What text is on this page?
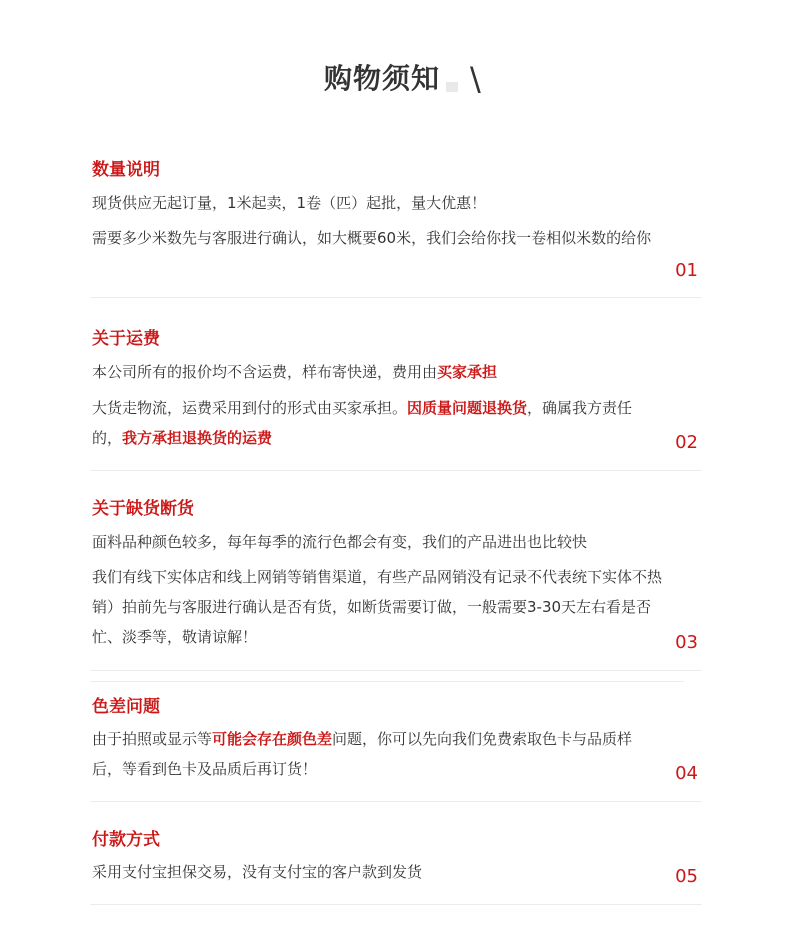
购物须知 \
数量说明
现货供应无起订量，1米起卖，1卷（匹）起批，量大优惠！
需要多少米数先与客服进行确认，如大概要60米，我们会给你找一卷相似米数的给你
01
关于运费
本公司所有的报价均不含运费，样布寄快递，费用由买家承担
大货走物流，运费采用到付的形式由买家承担。因质量问题退换货，确属我方责任的，我方承担退换货的运费	02
关于缺货断货
面料品种颜色较多，每年每季的流行色都会有变，我们的产品进出也比较快
我们有线下实体店和线上网销等销售渠道，有些产品网销没有记录不代表统下实体不热销）拍前先与客服进行确认是否有货，如断货需要订做，一般需要3-30天左右看是否忙、淡季等，敬请谅解！	03
色差问题
由于拍照或显示等可能会存在颜色差问题，你可以先向我们免费索取色卡与品质样后，等看到色卡及品质后再订货！	04
付款方式
采用支付宝担保交易，没有支付宝的客户款到发货	05
